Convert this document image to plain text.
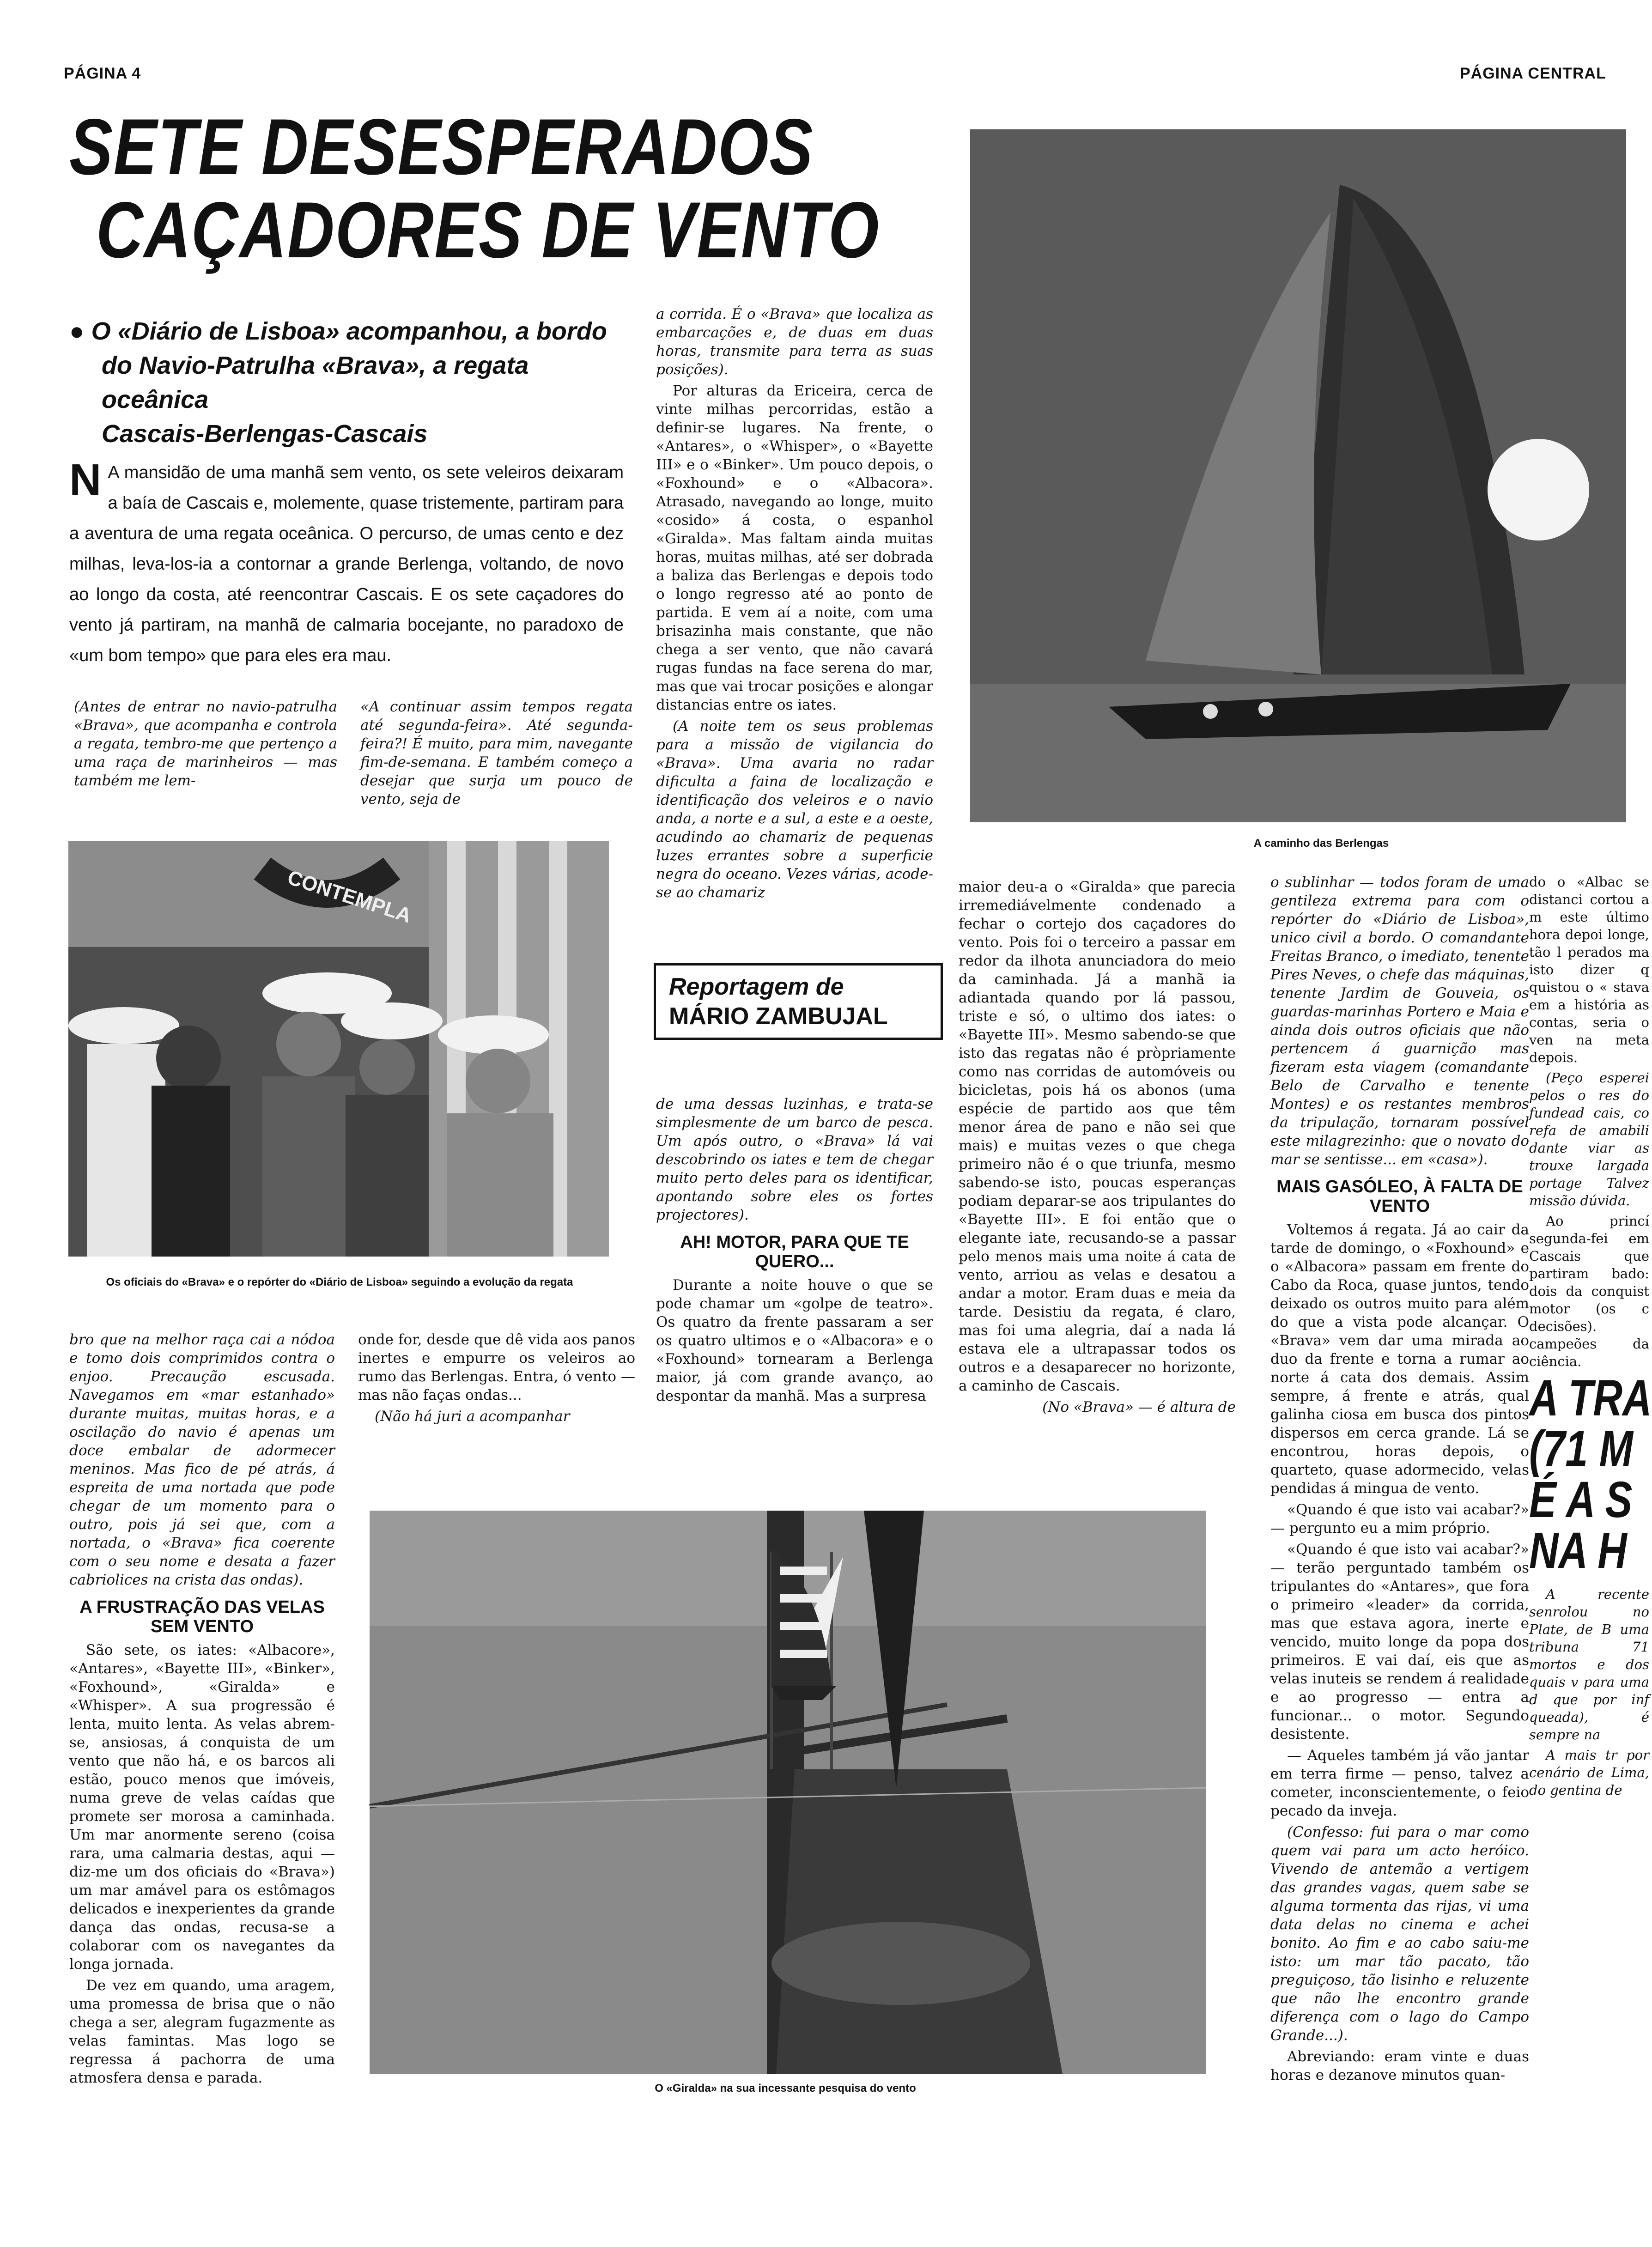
PÁGINA 4	PÁGINA CENTRAL
SETE DESESPERADOS
CAÇADORES DE VENTO
● O «Diário de Lisboa» acompanhou, a bordo
do Navio-Patrulha «Brava», a regata oceânica
Cascais-Berlengas-Cascais
N A mansidão de uma manhã sem vento, os sete veleiros deixaram a baía de Cascais e, molemente, quase tristemente, partiram para a aventura de uma regata oceânica. O percurso, de umas cento e dez milhas, leva-los-ia a contornar a grande Berlenga, voltando, de novo ao longo da costa, até reencontrar Cascais. E os sete caçadores do vento já partiram, na manhã de calmaria bocejante, no paradoxo de «um bom tempo» que para eles era mau.
(Antes de entrar no navio-patrulha «Brava», que acompanha e controla a regata, tembro-me que pertenço a uma raça de marinheiros — mas também me lem-
«A continuar assim tempos regata até segunda-feira». Até segunda-feira?! É muito, para mim, navegante fim-de-semana. E também começo a desejar que surja um pouco de vento, seja de
CONTEMPLA
Os oficiais do «Brava» e o repórter do «Diário de Lisboa» seguindo a evolução da regata

bro que na melhor raça cai a nódoa e tomo dois comprimidos contra o enjoo. Precaução escusada. Navegamos em «mar estanhado» durante muitas, muitas horas, e a oscilação do navio é apenas um doce embalar de adormecer meninos. Mas fico de pé atrás, á espreita de uma nortada que pode chegar de um momento para o outro, pois já sei que, com a nortada, o «Brava» fica coerente com o seu nome e desata a fazer cabriolices na crista das ondas).

A FRUSTRAÇÃO DAS VELAS SEM VENTO

São sete, os iates: «Albacore», «Antares», «Bayette III», «Binker», «Foxhound», «Giralda» e «Whisper». A sua progressão é lenta, muito lenta. As velas abrem-se, ansiosas, á conquista de um vento que não há, e os barcos ali estão, pouco menos que imóveis, numa greve de velas caídas que promete ser morosa a caminhada. Um mar anormente sereno (coisa rara, uma calmaria destas, aqui — diz-me um dos oficiais do «Brava») um mar amável para os estômagos delicados e inexperientes da grande dança das ondas, recusa-se a colaborar com os navegantes da longa jornada.

De vez em quando, uma aragem, uma promessa de brisa que o não chega a ser, alegram fugazmente as velas famintas. Mas logo se regressa á pachorra de uma atmosfera densa e parada.

onde for, desde que dê vida aos panos inertes e empurre os veleiros ao rumo das Berlengas. Entra, ó vento — mas não faças ondas...

(Não há juri a acompanhar

a corrida. É o «Brava» que localiza as embarcações e, de duas em duas horas, transmite para terra as suas posições).

Por alturas da Ericeira, cerca de vinte milhas percorridas, estão a definir-se lugares. Na frente, o «Antares», o «Whisper», o «Bayette III» e o «Binker». Um pouco depois, o «Foxhound» e o «Albacora». Atrasado, navegando ao longe, muito «cosido» á costa, o espanhol «Giralda». Mas faltam ainda muitas horas, muitas milhas, até ser dobrada a baliza das Berlengas e depois todo o longo regresso até ao ponto de partida. E vem aí a noite, com uma brisazinha mais constante, que não chega a ser vento, que não cavará rugas fundas na face serena do mar, mas que vai trocar posições e alongar distancias entre os iates.

(A noite tem os seus problemas para a missão de vigilancia do «Brava». Uma avaria no radar dificulta a faina de localização e identificação dos veleiros e o navio anda, a norte e a sul, a este e a oeste, acudindo ao chamariz de pequenas luzes errantes sobre a superficie negra do oceano. Vezes várias, acode-se ao chamariz

Reportagem de
MÁRIO ZAMBUJAL

de uma dessas luzinhas, e trata-se simplesmente de um barco de pesca. Um após outro, o «Brava» lá vai descobrindo os iates e tem de chegar muito perto deles para os identificar, apontando sobre eles os fortes projectores).

AH! MOTOR, PARA QUE TE QUERO...

Durante a noite houve o que se pode chamar um «golpe de teatro». Os quatro da frente passaram a ser os quatro ultimos e o «Albacora» e o «Foxhound» tornearam a Berlenga maior, já com grande avanço, ao despontar da manhã. Mas a surpresa

maior deu-a o «Giralda» que parecia irremediávelmente condenado a fechar o cortejo dos caçadores do vento. Pois foi o terceiro a passar em redor da ilhota anunciadora do meio da caminhada. Já a manhã ia adiantada quando por lá passou, triste e só, o ultimo dos iates: o «Bayette III». Mesmo sabendo-se que isto das regatas não é pròpriamente como nas corridas de automóveis ou bicicletas, pois há os abonos (uma espécie de partido aos que têm menor área de pano e não sei que mais) e muitas vezes o que chega primeiro não é o que triunfa, mesmo sabendo-se isto, poucas esperanças podiam deparar-se aos tripulantes do «Bayette III». E foi então que o elegante iate, recusando-se a passar pelo menos mais uma noite á cata de vento, arriou as velas e desatou a andar a motor. Eram duas e meia da tarde. Desistiu da regata, é claro, mas foi uma alegria, daí a nada lá estava ele a ultrapassar todos os outros e a desaparecer no horizonte, a caminho de Cascais.

(No «Brava» — é altura de

A caminho das Berlengas

o sublinhar — todos foram de uma gentileza extrema para com o repórter do «Diário de Lisboa», unico civil a bordo. O comandante Freitas Branco, o imediato, tenente Pires Neves, o chefe das máquinas, tenente Jardim de Gouveia, os guardas-marinhas Portero e Maia e ainda dois outros oficiais que não pertencem á guarnição mas fizeram esta viagem (comandante Belo de Carvalho e tenente Montes) e os restantes membros da tripulação, tornaram possível este milagrezinho: que o novato do mar se sentisse... em «casa»).

MAIS GASÓLEO, À FALTA DE VENTO

Voltemos á regata. Já ao cair da tarde de domingo, o «Foxhound» e o «Albacora» passam em frente do Cabo da Roca, quase juntos, tendo deixado os outros muito para além do que a vista pode alcançar. O «Brava» vem dar uma mirada ao duo da frente e torna a rumar ao norte á cata dos demais. Assim sempre, á frente e atrás, qual galinha ciosa em busca dos pintos dispersos em cerca grande. Lá se encontrou, horas depois, o quarteto, quase adormecido, velas pendidas á mingua de vento.

«Quando é que isto vai acabar?» — pergunto eu a mim próprio.

«Quando é que isto vai acabar?» — terão perguntado também os tripulantes do «Antares», que fora o primeiro «leader» da corrida, mas que estava agora, inerte e vencido, muito longe da popa dos primeiros. E vai daí, eis que as velas inuteis se rendem á realidade e ao progresso — entra a funcionar... o motor. Segundo desistente.

— Aqueles também já vão jantar em terra firme — penso, talvez a cometer, inconscientemente, o feio pecado da inveja.

(Confesso: fui para o mar como quem vai para um acto heróico. Vivendo de antemão a vertigem das grandes vagas, quem sabe se alguma tormenta das rijas, vi uma data delas no cinema e achei bonito. Ao fim e ao cabo saiu-me isto: um mar tão pacato, tão preguiçoso, tão lisinho e reluzente que não lhe encontro grande diferença com o lago do Campo Grande...).

Abreviando: eram vinte e duas horas e dezanove minutos quan-

do o «Albac se distanci cortou a m este último hora depoi longe, tão l perados ma isto dizer q quistou o « stava em a história as contas, seria o ven na meta depois.

(Peço esperei pelos o res do fundead cais, co refa de amabili dante viar as trouxe largada portage Talvez missão dúvida.

Ao princí segunda-fei em Cascais que partiram bado: dois da conquist motor (os c decisões). campeões da ciência.

A TRA
(71 M
É A S
NA H

A recente senrolou no Plate, de B uma tribuna 71 mortos e dos quais v para uma d que por inf queada), é sempre na

A mais tr por cenário de Lima, do gentina de

O «Giralda» na sua incessante pesquisa do vento
